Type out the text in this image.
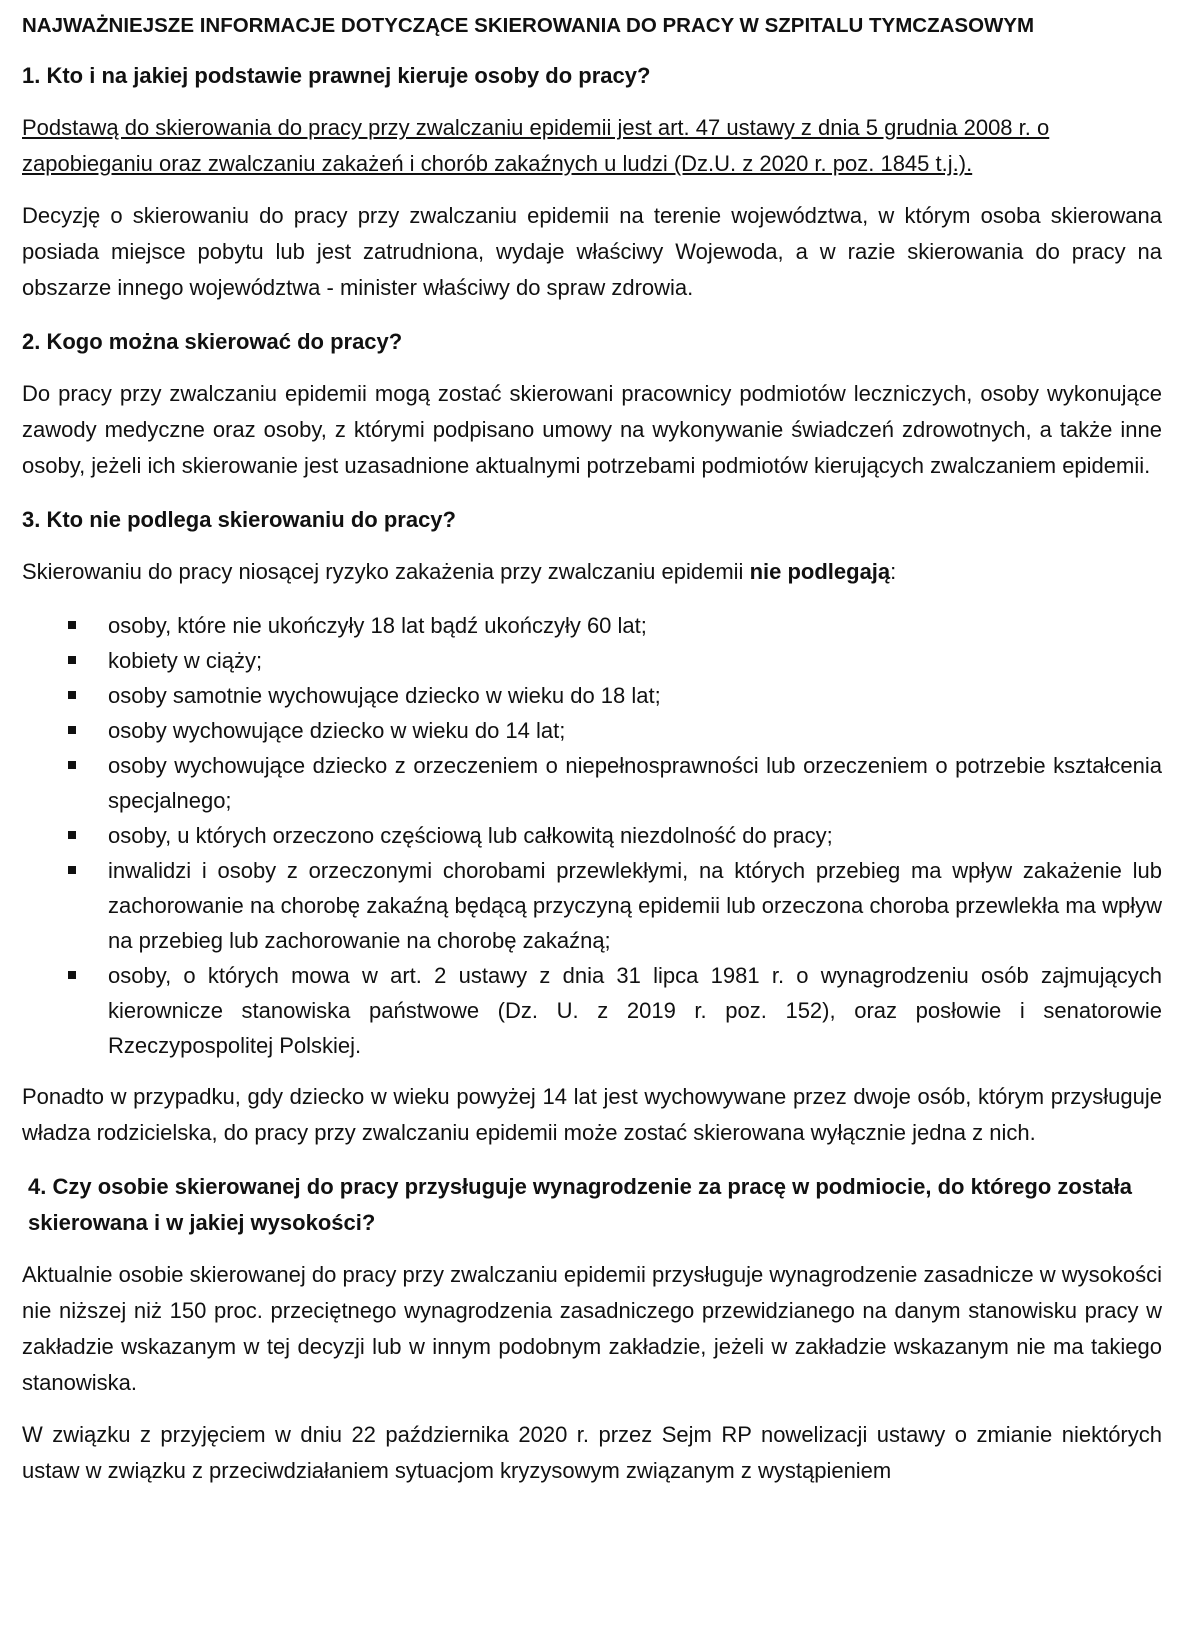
NAJWAŻNIEJSZE INFORMACJE DOTYCZĄCE SKIEROWANIA DO PRACY W SZPITALU TYMCZASOWYM
1. Kto i na jakiej podstawie prawnej kieruje osoby do pracy?
Podstawą do skierowania do pracy przy zwalczaniu epidemii jest art. 47 ustawy z dnia 5 grudnia 2008 r. o zapobieganiu oraz zwalczaniu zakażeń i chorób zakaźnych u ludzi (Dz.U. z 2020 r. poz. 1845 t.j.).
Decyzję o skierowaniu do pracy przy zwalczaniu epidemii na terenie województwa, w którym osoba skierowana posiada miejsce pobytu lub jest zatrudniona, wydaje właściwy Wojewoda, a w razie skierowania do pracy na obszarze innego województwa - minister właściwy do spraw zdrowia.
2. Kogo można skierować do pracy?
Do pracy przy zwalczaniu epidemii mogą zostać skierowani pracownicy podmiotów leczniczych, osoby wykonujące zawody medyczne oraz osoby, z którymi podpisano umowy na wykonywanie świadczeń zdrowotnych, a także inne osoby, jeżeli ich skierowanie jest uzasadnione aktualnymi potrzebami podmiotów kierujących zwalczaniem epidemii.
3. Kto nie podlega skierowaniu do pracy?
Skierowaniu do pracy niosącej ryzyko zakażenia przy zwalczaniu epidemii nie podlegają:
osoby, które nie ukończyły 18 lat bądź ukończyły 60 lat;
kobiety w ciąży;
osoby samotnie wychowujące dziecko w wieku do 18 lat;
osoby wychowujące dziecko w wieku do 14 lat;
osoby wychowujące dziecko z orzeczeniem o niepełnosprawności lub orzeczeniem o potrzebie kształcenia specjalnego;
osoby, u których orzeczono częściową lub całkowitą niezdolność do pracy;
inwalidzi i osoby z orzeczonymi chorobami przewlekłymi, na których przebieg ma wpływ zakażenie lub zachorowanie na chorobę zakaźną będącą przyczyną epidemii lub orzeczona choroba przewlekła ma wpływ na przebieg lub zachorowanie na chorobę zakaźną;
osoby, o których mowa w art. 2 ustawy z dnia 31 lipca 1981 r. o wynagrodzeniu osób zajmujących kierownicze stanowiska państwowe (Dz. U. z 2019 r. poz. 152), oraz posłowie i senatorowie Rzeczypospolitej Polskiej.
Ponadto w przypadku, gdy dziecko w wieku powyżej 14 lat jest wychowywane przez dwoje osób, którym przysługuje władza rodzicielska, do pracy przy zwalczaniu epidemii może zostać skierowana wyłącznie jedna z nich.
4. Czy osobie skierowanej do pracy przysługuje wynagrodzenie za pracę w podmiocie, do którego została skierowana i w jakiej wysokości?
Aktualnie osobie skierowanej do pracy przy zwalczaniu epidemii przysługuje wynagrodzenie zasadnicze w wysokości nie niższej niż 150 proc. przeciętnego wynagrodzenia zasadniczego przewidzianego na danym stanowisku pracy w zakładzie wskazanym w tej decyzji lub w innym podobnym zakładzie, jeżeli w zakładzie wskazanym nie ma takiego stanowiska.
W związku z przyjęciem w dniu 22 października 2020 r. przez Sejm RP nowelizacji ustawy o zmianie niektórych ustaw w związku z przeciwdziałaniem sytuacjom kryzysowym związanym z wystąpieniem
